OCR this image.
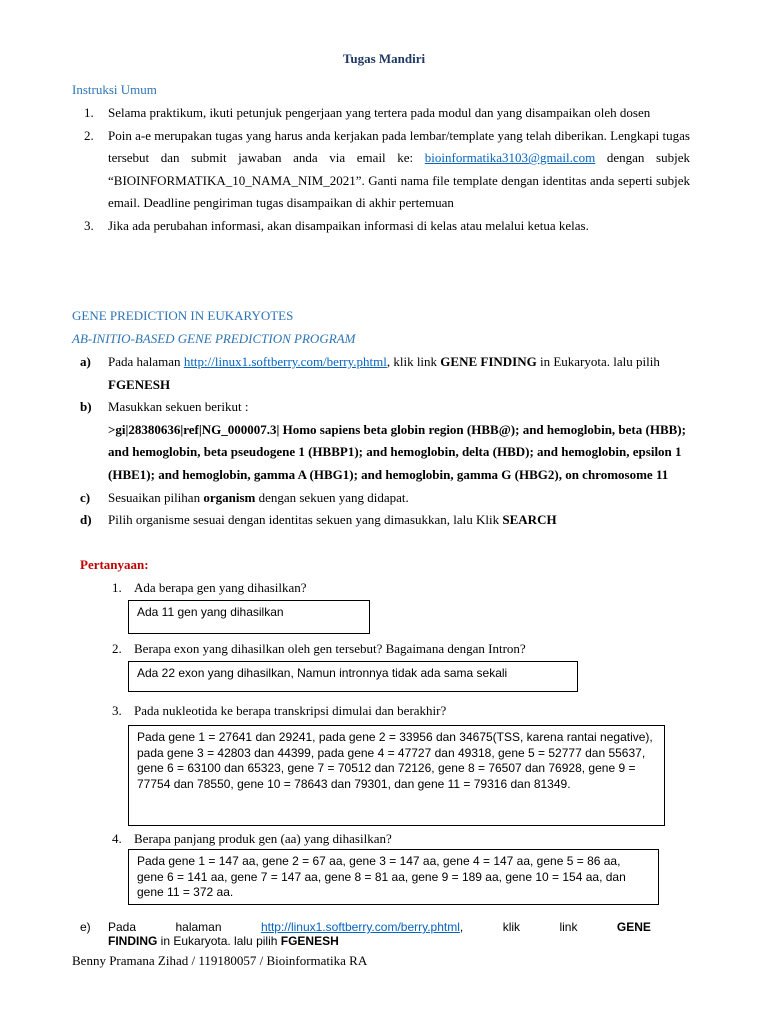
Tugas Mandiri
Instruksi Umum
1.	Selama praktikum, ikuti petunjuk pengerjaan yang tertera pada modul dan yang disampaikan oleh dosen
2.	Poin a-e merupakan tugas yang harus anda kerjakan pada lembar/template yang telah diberikan. Lengkapi tugas tersebut dan submit jawaban anda via email ke: bioinformatika3103@gmail.com dengan subjek “BIOINFORMATIKA_10_NAMA_NIM_2021”. Ganti nama file template dengan identitas anda seperti subjek email. Deadline pengiriman tugas disampaikan di akhir pertemuan
3.	Jika ada perubahan informasi, akan disampaikan informasi di kelas atau melalui ketua kelas.
GENE PREDICTION IN EUKARYOTES
AB-INITIO-BASED GENE PREDICTION PROGRAM
a)	Pada halaman http://linux1.softberry.com/berry.phtml, klik link GENE FINDING in Eukaryota. lalu pilih FGENESH
b)	Masukkan sekuen berikut :
>gi|28380636|ref|NG_000007.3| Homo sapiens beta globin region (HBB@); and hemoglobin, beta (HBB); and hemoglobin, beta pseudogene 1 (HBBP1); and hemoglobin, delta (HBD); and hemoglobin, epsilon 1 (HBE1); and hemoglobin, gamma A (HBG1); and hemoglobin, gamma G (HBG2), on chromosome 11
c)	Sesuaikan pilihan organism dengan sekuen yang didapat.
d)	Pilih organisme sesuai dengan identitas sekuen yang dimasukkan, lalu Klik SEARCH
Pertanyaan:
1. Ada berapa gen yang dihasilkan?
Ada 11 gen yang dihasilkan
2. Berapa exon yang dihasilkan oleh gen tersebut? Bagaimana dengan Intron?
Ada 22 exon yang dihasilkan, Namun intronnya tidak ada sama sekali
3. Pada nukleotida ke berapa transkripsi dimulai dan berakhir?
Pada gene 1 = 27641 dan 29241, pada gene 2 = 33956 dan 34675(TSS, karena rantai negative), pada gene 3 = 42803 dan 44399, pada gene 4 = 47727 dan 49318, gene 5 = 52777 dan 55637, gene 6 = 63100 dan 65323, gene 7 = 70512 dan 72126, gene 8 = 76507 dan 76928, gene 9 = 77754 dan 78550, gene 10 = 78643 dan 79301, dan gene 11 = 79316 dan 81349.
4. Berapa panjang produk gen (aa) yang dihasilkan?
Pada gene 1 = 147 aa, gene 2 = 67 aa, gene 3 = 147 aa, gene 4 = 147 aa, gene 5 = 86 aa, gene 6 = 141 aa, gene 7 = 147 aa, gene 8 = 81 aa, gene 9 = 189 aa, gene 10 = 154 aa, dan gene 11 = 372 aa.
e)	Pada	halaman	http://linux1.softberry.com/berry.phtml,	klik	link	GENE
FINDING in Eukaryota. lalu pilih FGENESH
Benny Pramana Zihad / 119180057 / Bioinformatika RA
